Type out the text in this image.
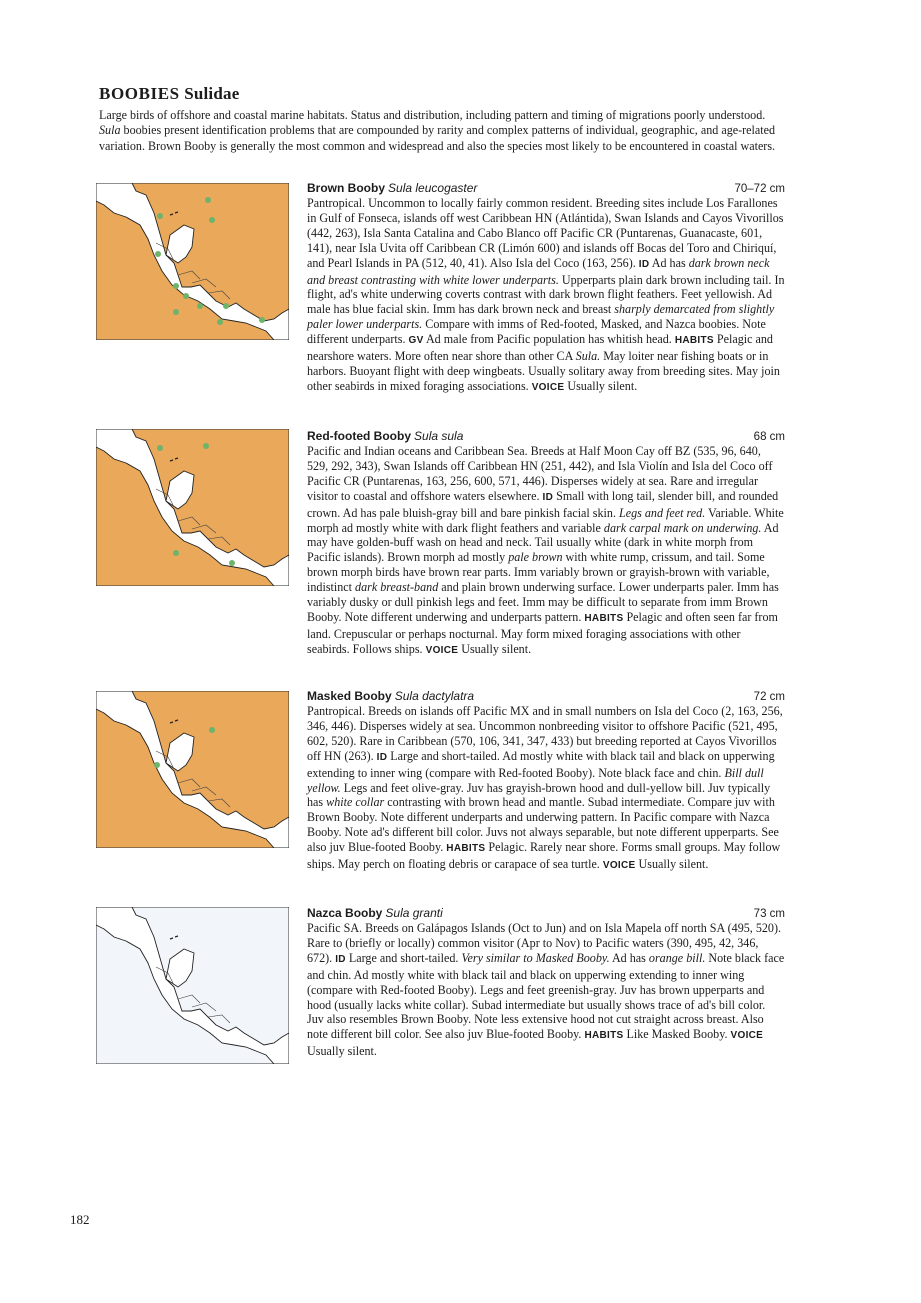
BOOBIES Sulidae

Large birds of offshore and coastal marine habitats. Status and distribution, including pattern and timing of migrations poorly understood. Sula boobies present identification problems that are compounded by rarity and complex patterns of individual, geographic, and age-related variation. Brown Booby is generally the most common and widespread and also the species most likely to be encountered in coastal waters.

Brown Booby Sula leucogaster	70–72 cm

Pantropical. Uncommon to locally fairly common resident. Breeding sites include Los Farallones in Gulf of Fonseca, islands off west Caribbean HN (Atlántida), Swan Islands and Cayos Vivorillos (442, 263), Isla Santa Catalina and Cabo Blanco off Pacific CR (Puntarenas, Guanacaste, 601, 141), near Isla Uvita off Caribbean CR (Limón 600) and islands off Bocas del Toro and Chiriquí, and Pearl Islands in PA (512, 40, 41). Also Isla del Coco (163, 256). ID Ad has dark brown neck and breast contrasting with white lower underparts. Upperparts plain dark brown including tail. In flight, ad's white underwing coverts contrast with dark brown flight feathers. Feet yellowish. Ad male has blue facial skin. Imm has dark brown neck and breast sharply demarcated from slightly paler lower underparts. Compare with imms of Red-footed, Masked, and Nazca boobies. Note different underparts. GV Ad male from Pacific population has whitish head. HABITS Pelagic and nearshore waters. More often near shore than other CA Sula. May loiter near fishing boats or in harbors. Buoyant flight with deep wingbeats. Usually solitary away from breeding sites. May join other seabirds in mixed foraging associations. VOICE Usually silent.

Red-footed Booby Sula sula	68 cm

Pacific and Indian oceans and Caribbean Sea. Breeds at Half Moon Cay off BZ (535, 96, 640, 529, 292, 343), Swan Islands off Caribbean HN (251, 442), and Isla Violín and Isla del Coco off Pacific CR (Puntarenas, 163, 256, 600, 571, 446). Disperses widely at sea. Rare and irregular visitor to coastal and offshore waters elsewhere. ID Small with long tail, slender bill, and rounded crown. Ad has pale bluish-gray bill and bare pinkish facial skin. Legs and feet red. Variable. White morph ad mostly white with dark flight feathers and variable dark carpal mark on underwing. Ad may have golden-buff wash on head and neck. Tail usually white (dark in white morph from Pacific islands). Brown morph ad mostly pale brown with white rump, crissum, and tail. Some brown morph birds have brown rear parts. Imm variably brown or grayish-brown with variable, indistinct dark breast-band and plain brown underwing surface. Lower underparts paler. Imm has variably dusky or dull pinkish legs and feet. Imm may be difficult to separate from imm Brown Booby. Note different underwing and underparts pattern. HABITS Pelagic and often seen far from land. Crepuscular or perhaps nocturnal. May form mixed foraging associations with other seabirds. Follows ships. VOICE Usually silent.

Masked Booby Sula dactylatra	72 cm

Pantropical. Breeds on islands off Pacific MX and in small numbers on Isla del Coco (2, 163, 256, 346, 446). Disperses widely at sea. Uncommon nonbreeding visitor to offshore Pacific (521, 495, 602, 520). Rare in Caribbean (570, 106, 341, 347, 433) but breeding reported at Cayos Vivorillos off HN (263). ID Large and short-tailed. Ad mostly white with black tail and black on upperwing extending to inner wing (compare with Red-footed Booby). Note black face and chin. Bill dull yellow. Legs and feet olive-gray. Juv has grayish-brown hood and dull-yellow bill. Juv typically has white collar contrasting with brown head and mantle. Subad intermediate. Compare juv with Brown Booby. Note different underparts and underwing pattern. In Pacific compare with Nazca Booby. Note ad's different bill color. Juvs not always separable, but note different upperparts. See also juv Blue-footed Booby. HABITS Pelagic. Rarely near shore. Forms small groups. May follow ships. May perch on floating debris or carapace of sea turtle. VOICE Usually silent.

Nazca Booby Sula granti	73 cm

Pacific SA. Breeds on Galápagos Islands (Oct to Jun) and on Isla Mapela off north SA (495, 520). Rare to (briefly or locally) common visitor (Apr to Nov) to Pacific waters (390, 495, 42, 346, 672). ID Large and short-tailed. Very similar to Masked Booby. Ad has orange bill. Note black face and chin. Ad mostly white with black tail and black on upperwing extending to inner wing (compare with Red-footed Booby). Legs and feet greenish-gray. Juv has brown upperparts and hood (usually lacks white collar). Subad intermediate but usually shows trace of ad's bill color. Juv also resembles Brown Booby. Note less extensive hood not cut straight across breast. Also note different bill color. See also juv Blue-footed Booby. HABITS Like Masked Booby. VOICE Usually silent.

182
